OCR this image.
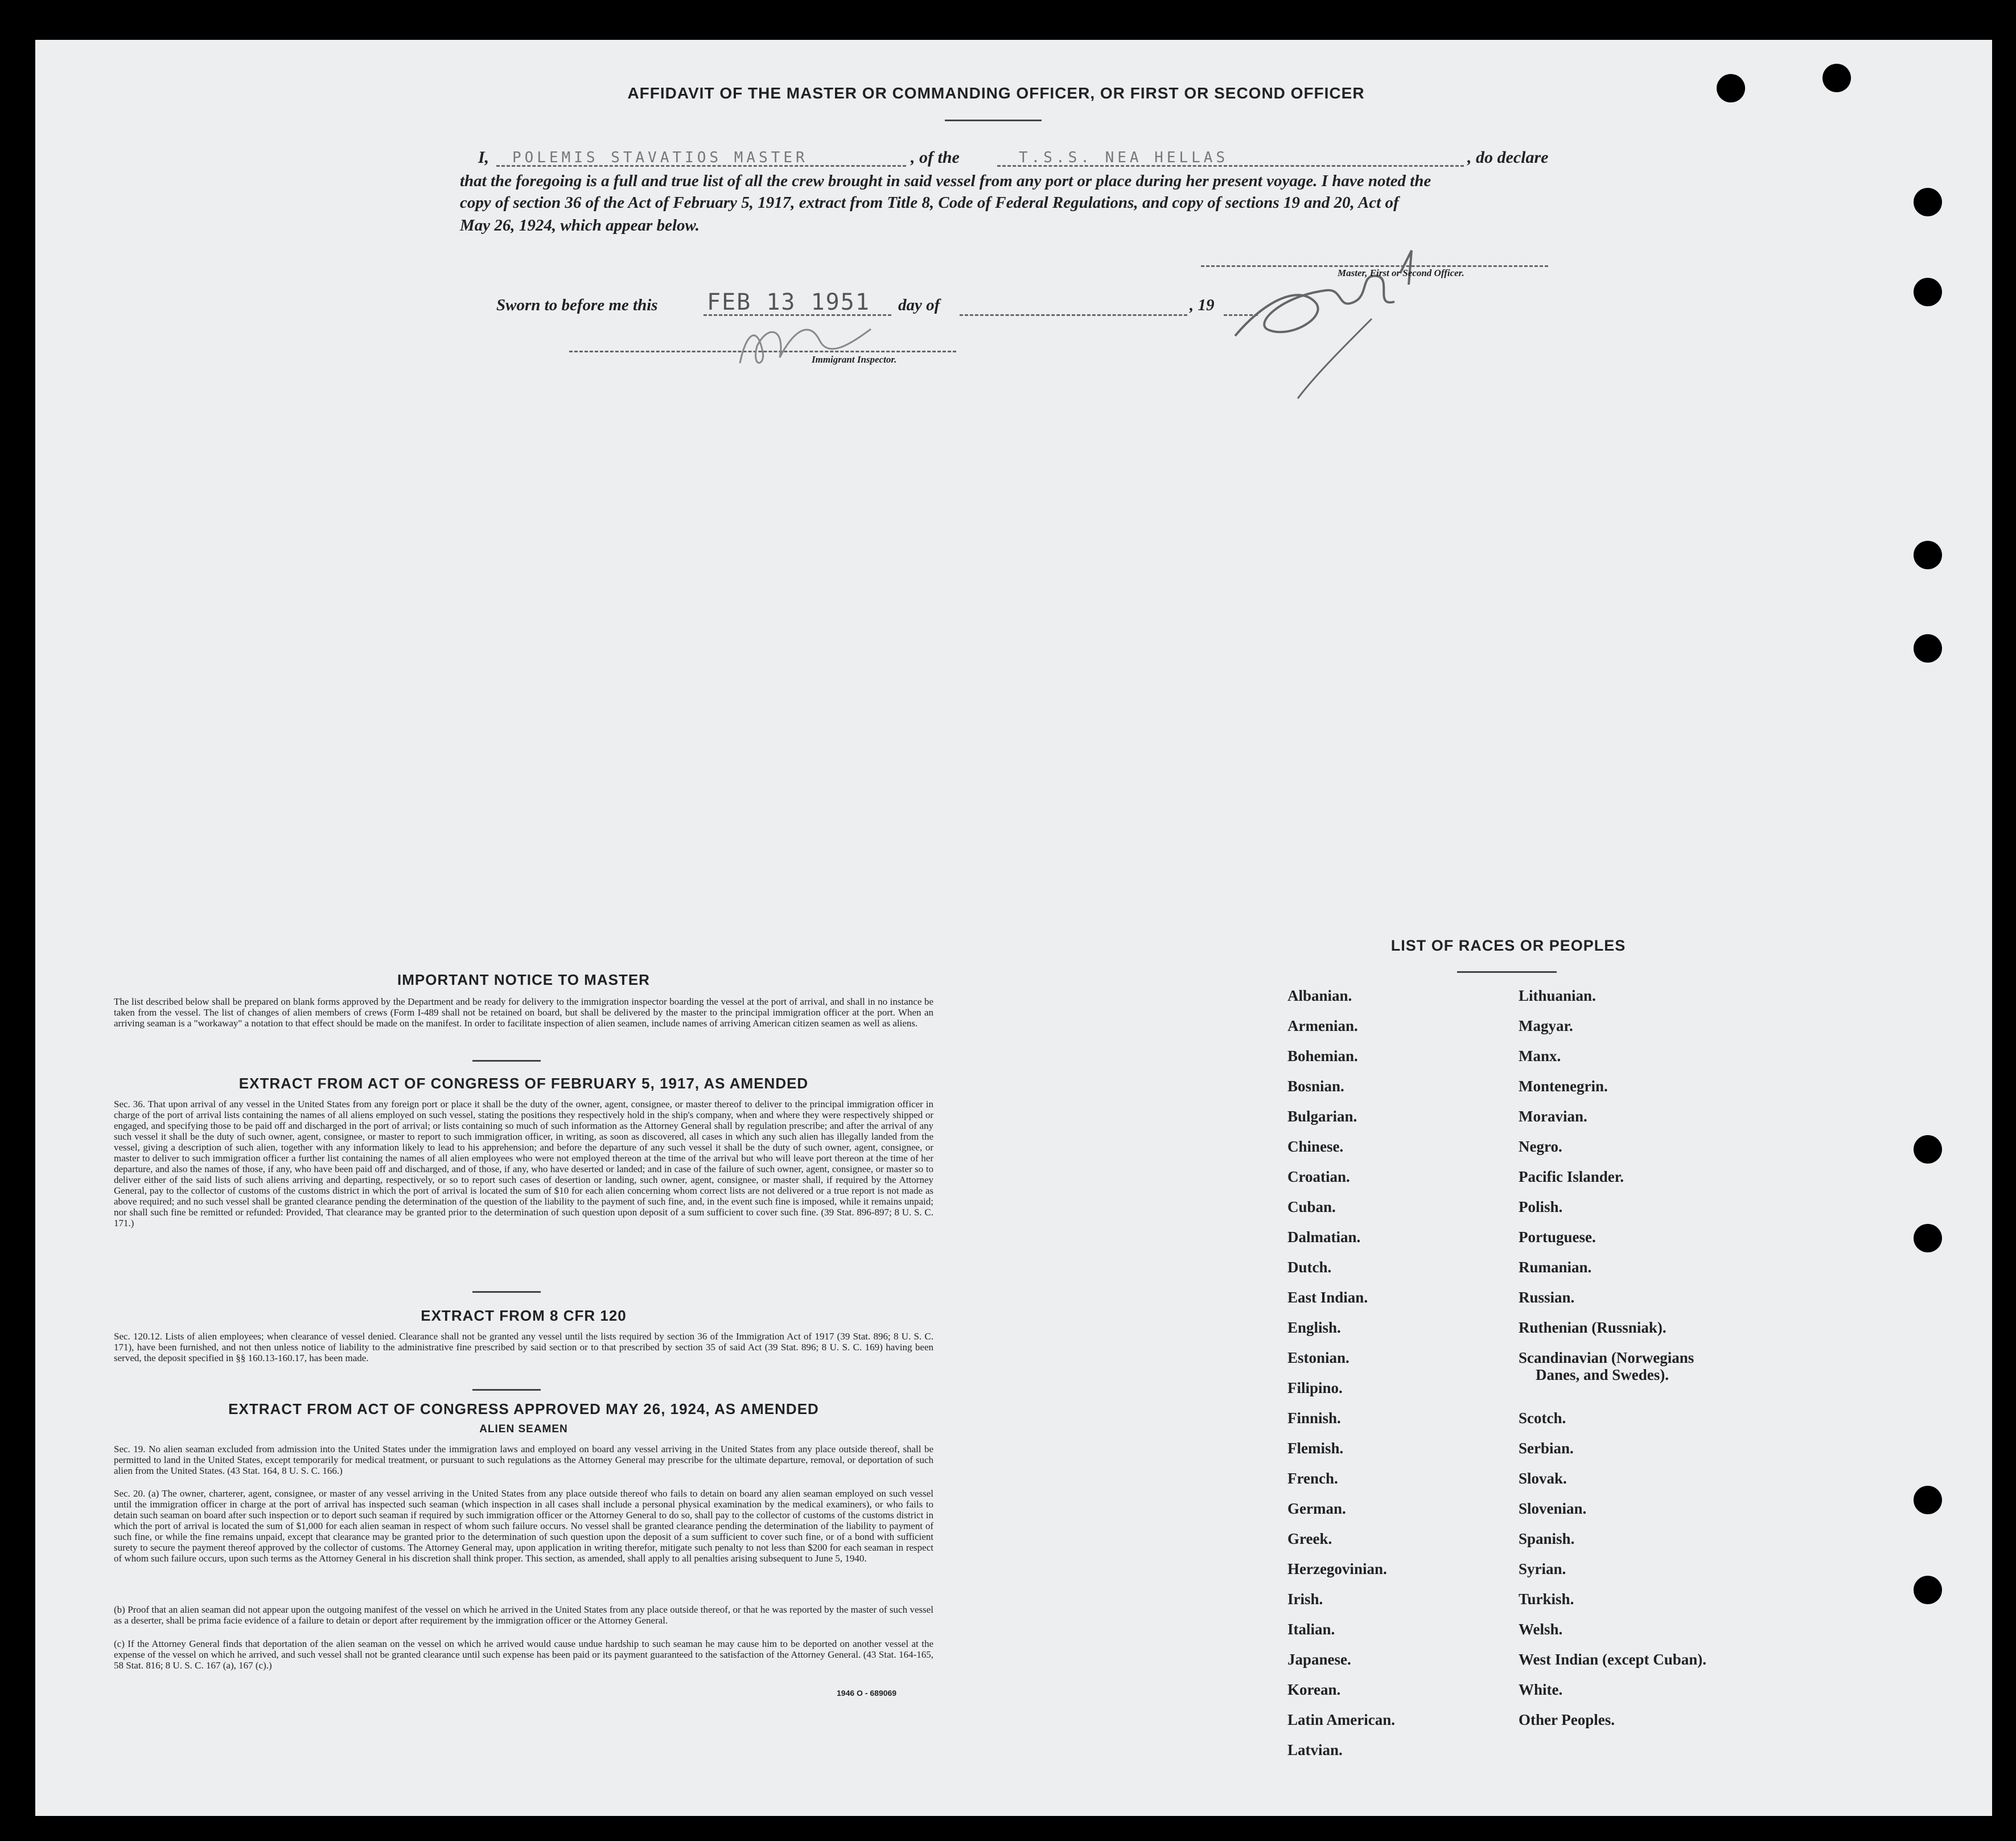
AFFIDAVIT OF THE MASTER OR COMMANDING OFFICER, OR FIRST OR SECOND OFFICER
I, POLEMIS STAVATIOS MASTER	, of the	T.S.S. NEA HELLAS	, do declare
that the foregoing is a full and true list of all the crew brought in said vessel from any port or place during her present voyage. I have noted the
copy of section 36 of the Act of February 5, 1917, extract from Title 8, Code of Federal Regulations, and copy of sections 19 and 20, Act of
May 26, 1924, which appear below.
Master, First or Second Officer.
Sworn to before me this FEB 13 1951 day of	, 19
Immigrant Inspector.
IMPORTANT NOTICE TO MASTER
The list described below shall be prepared on blank forms approved by the Department and be ready for delivery to the immigration inspector boarding the vessel at the port of arrival, and shall in no instance be taken from the vessel. The list of changes of alien members of crews (Form I-489 shall not be retained on board, but shall be delivered by the master to the principal immigration officer at the port. When an arriving seaman is a "workaway" a notation to that effect should be made on the manifest. In order to facilitate inspection of alien seamen, include names of arriving American citizen seamen as well as aliens.
EXTRACT FROM ACT OF CONGRESS OF FEBRUARY 5, 1917, AS AMENDED
Sec. 36. That upon arrival of any vessel in the United States from any foreign port or place it shall be the duty of the owner, agent, consignee, or master thereof to deliver to the principal immigration officer in charge of the port of arrival lists containing the names of all aliens employed on such vessel, stating the positions they respectively hold in the ship's company, when and where they were respectively shipped or engaged, and specifying those to be paid off and discharged in the port of arrival; or lists containing so much of such information as the Attorney General shall by regulation prescribe; and after the arrival of any such vessel it shall be the duty of such owner, agent, consignee, or master to report to such immigration officer, in writing, as soon as discovered, all cases in which any such alien has illegally landed from the vessel, giving a description of such alien, together with any information likely to lead to his apprehension; and before the departure of any such vessel it shall be the duty of such owner, agent, consignee, or master to deliver to such immigration officer a further list containing the names of all alien employees who were not employed thereon at the time of the arrival but who will leave port thereon at the time of her departure, and also the names of those, if any, who have been paid off and discharged, and of those, if any, who have deserted or landed; and in case of the failure of such owner, agent, consignee, or master so to deliver either of the said lists of such aliens arriving and departing, respectively, or so to report such cases of desertion or landing, such owner, agent, consignee, or master shall, if required by the Attorney General, pay to the collector of customs of the customs district in which the port of arrival is located the sum of $10 for each alien concerning whom correct lists are not delivered or a true report is not made as above required; and no such vessel shall be granted clearance pending the determination of the question of the liability to the payment of such fine, and, in the event such fine is imposed, while it remains unpaid; nor shall such fine be remitted or refunded: Provided, That clearance may be granted prior to the determination of such question upon deposit of a sum sufficient to cover such fine. (39 Stat. 896-897; 8 U. S. C. 171.)
EXTRACT FROM 8 CFR 120
Sec. 120.12. Lists of alien employees; when clearance of vessel denied. Clearance shall not be granted any vessel until the lists required by section 36 of the Immigration Act of 1917 (39 Stat. 896; 8 U. S. C. 171), have been furnished, and not then unless notice of liability to the administrative fine prescribed by said section or to that prescribed by section 35 of said Act (39 Stat. 896; 8 U. S. C. 169) having been served, the deposit specified in §§ 160.13-160.17, has been made.
EXTRACT FROM ACT OF CONGRESS APPROVED MAY 26, 1924, AS AMENDED
ALIEN SEAMEN
Sec. 19. No alien seaman excluded from admission into the United States under the immigration laws and employed on board any vessel arriving in the United States from any place outside thereof, shall be permitted to land in the United States, except temporarily for medical treatment, or pursuant to such regulations as the Attorney General may prescribe for the ultimate departure, removal, or deportation of such alien from the United States. (43 Stat. 164, 8 U. S. C. 166.)
Sec. 20. (a) The owner, charterer, agent, consignee, or master of any vessel arriving in the United States from any place outside thereof who fails to detain on board any alien seaman employed on such vessel until the immigration officer in charge at the port of arrival has inspected such seaman (which inspection in all cases shall include a personal physical examination by the medical examiners), or who fails to detain such seaman on board after such inspection or to deport such seaman if required by such immigration officer or the Attorney General to do so, shall pay to the collector of customs of the customs district in which the port of arrival is located the sum of $1,000 for each alien seaman in respect of whom such failure occurs. No vessel shall be granted clearance pending the determination of the liability to payment of such fine, or while the fine remains unpaid, except that clearance may be granted prior to the determination of such question upon the deposit of a sum sufficient to cover such fine, or of a bond with sufficient surety to secure the payment thereof approved by the collector of customs. The Attorney General may, upon application in writing therefor, mitigate such penalty to not less than $200 for each seaman in respect of whom such failure occurs, upon such terms as the Attorney General in his discretion shall think proper. This section, as amended, shall apply to all penalties arising subsequent to June 5, 1940.
(b) Proof that an alien seaman did not appear upon the outgoing manifest of the vessel on which he arrived in the United States from any place outside thereof, or that he was reported by the master of such vessel as a deserter, shall be prima facie evidence of a failure to detain or deport after requirement by the immigration officer or the Attorney General.
(c) If the Attorney General finds that deportation of the alien seaman on the vessel on which he arrived would cause undue hardship to such seaman he may cause him to be deported on another vessel at the expense of the vessel on which he arrived, and such vessel shall not be granted clearance until such expense has been paid or its payment guaranteed to the satisfaction of the Attorney General. (43 Stat. 164-165, 58 Stat. 816; 8 U. S. C. 167 (a), 167 (c).)
1946 O - 689069
LIST OF RACES OR PEOPLES
Albanian.
Armenian.
Bohemian.
Bosnian.
Bulgarian.
Chinese.
Croatian.
Cuban.
Dalmatian.
Dutch.
East Indian.
English.
Estonian.
Filipino.
Finnish.
Flemish.
French.
German.
Greek.
Herzegovinian.
Irish.
Italian.
Japanese.
Korean.
Latin American.
Latvian.
Lithuanian.
Magyar.
Manx.
Montenegrin.
Moravian.
Negro.
Pacific Islander.
Polish.
Portuguese.
Rumanian.
Russian.
Ruthenian (Russniak).
Scandinavian (Norwegians
Danes, and Swedes).
Scotch.
Serbian.
Slovak.
Slovenian.
Spanish.
Syrian.
Turkish.
Welsh.
West Indian (except Cuban).
White.
Other Peoples.
